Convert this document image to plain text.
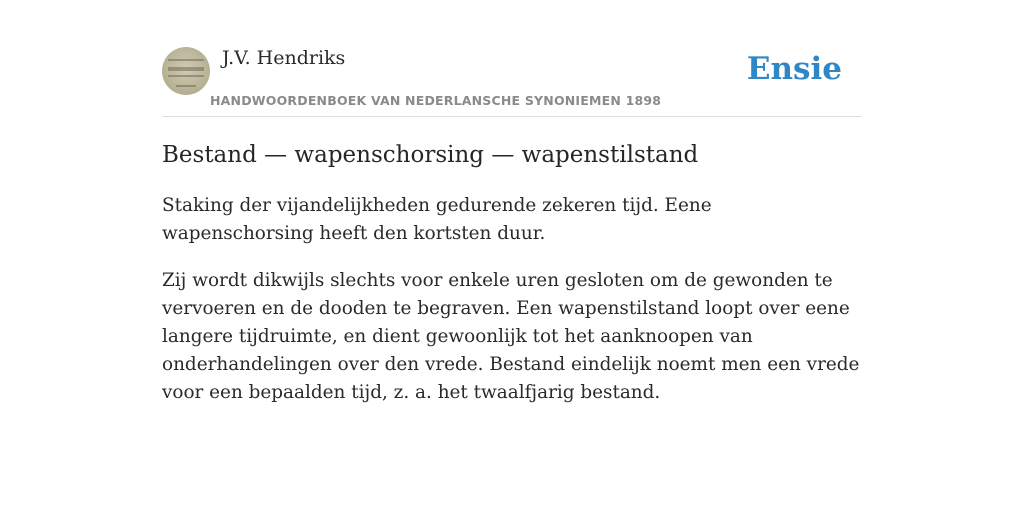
J.V. Hendriks
HANDWOORDENBOEK VAN NEDERLANSCHE SYNONIEMEN 1898
Ensie
Bestand — wapenschorsing — wapenstilstand

Staking der vijandelijkheden gedurende zekeren tijd. Eene wapenschorsing heeft den kortsten duur.

Zij wordt dikwijls slechts voor enkele uren gesloten om de gewonden te vervoeren en de dooden te begraven. Een wapenstilstand loopt over eene langere tijdruimte, en dient gewoonlijk tot het aanknoopen van onderhandelingen over den vrede. Bestand eindelijk noemt men een vrede voor een bepaalden tijd, z. a. het twaalfjarig bestand.
